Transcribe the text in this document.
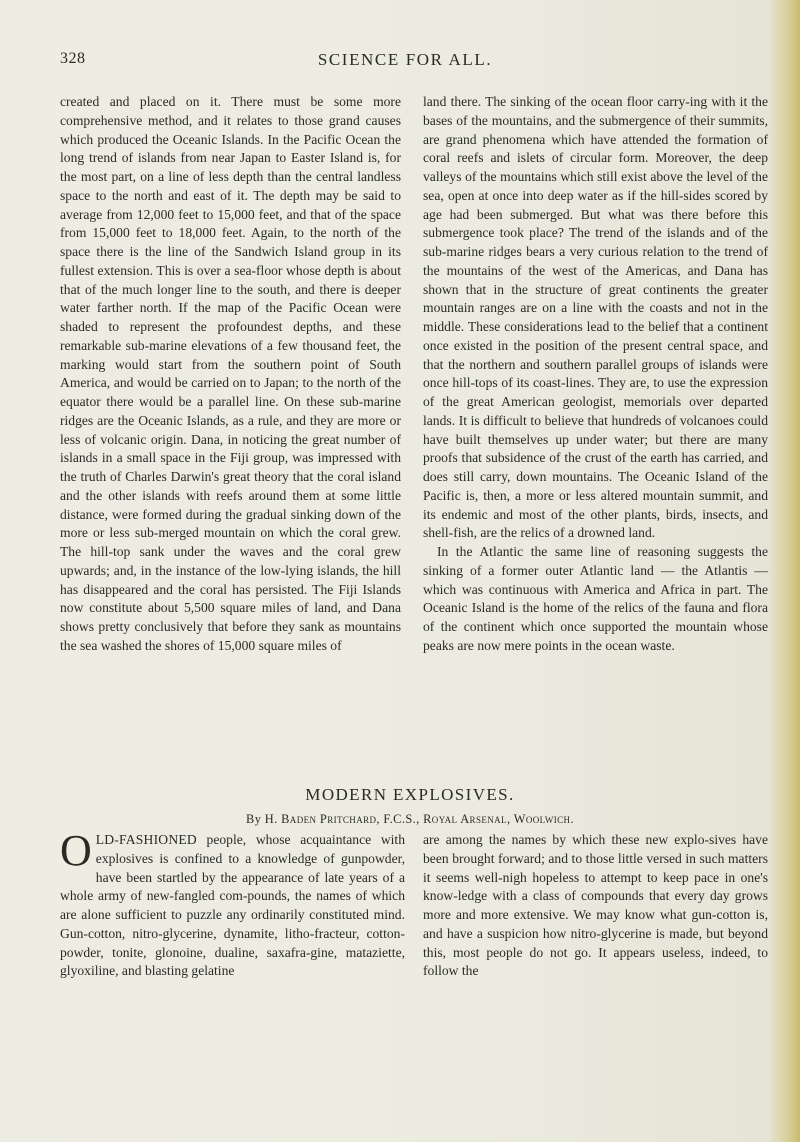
328	SCIENCE FOR ALL.

created and placed on it. There must be some more comprehensive method, and it relates to those grand causes which produced the Oceanic Islands. In the Pacific Ocean the long trend of islands from near Japan to Easter Island is, for the most part, on a line of less depth than the central landless space to the north and east of it. The depth may be said to average from 12,000 feet to 15,000 feet, and that of the space from 15,000 feet to 18,000 feet. Again, to the north of the space there is the line of the Sandwich Island group in its fullest extension. This is over a sea-floor whose depth is about that of the much longer line to the south, and there is deeper water farther north. If the map of the Pacific Ocean were shaded to represent the profoundest depths, and these remarkable sub-marine elevations of a few thousand feet, the marking would start from the southern point of South America, and would be carried on to Japan; to the north of the equator there would be a parallel line. On these sub-marine ridges are the Oceanic Islands, as a rule, and they are more or less of volcanic origin. Dana, in noticing the great number of islands in a small space in the Fiji group, was impressed with the truth of Charles Darwin's great theory that the coral island and the other islands with reefs around them at some little distance, were formed during the gradual sinking down of the more or less sub-merged mountain on which the coral grew. The hill-top sank under the waves and the coral grew upwards; and, in the instance of the low-lying islands, the hill has disappeared and the coral has persisted. The Fiji Islands now constitute about 5,500 square miles of land, and Dana shows pretty conclusively that before they sank as mountains the sea washed the shores of 15,000 square miles of

land there. The sinking of the ocean floor carry-ing with it the bases of the mountains, and the submergence of their summits, are grand phenomena which have attended the formation of coral reefs and islets of circular form. Moreover, the deep valleys of the mountains which still exist above the level of the sea, open at once into deep water as if the hill-sides scored by age had been submerged. But what was there before this submergence took place? The trend of the islands and of the sub-marine ridges bears a very curious relation to the trend of the mountains of the west of the Americas, and Dana has shown that in the structure of great continents the greater mountain ranges are on a line with the coasts and not in the middle. These considerations lead to the belief that a continent once existed in the position of the present central space, and that the northern and southern parallel groups of islands were once hill-tops of its coast-lines. They are, to use the expression of the great American geologist, memorials over departed lands. It is difficult to believe that hundreds of volcanoes could have built themselves up under water; but there are many proofs that subsidence of the crust of the earth has carried, and does still carry, down mountains. The Oceanic Island of the Pacific is, then, a more or less altered mountain summit, and its endemic and most of the other plants, birds, insects, and shell-fish, are the relics of a drowned land.

In the Atlantic the same line of reasoning suggests the sinking of a former outer Atlantic land — the Atlantis — which was continuous with America and Africa in part. The Oceanic Island is the home of the relics of the fauna and flora of the continent which once supported the mountain whose peaks are now mere points in the ocean waste.

MODERN EXPLOSIVES.
By H. Baden Pritchard, F.C.S., Royal Arsenal, Woolwich.

OLD-FASHIONED people, whose acquaintance with explosives is confined to a knowledge of gunpowder, have been startled by the appearance of late years of a whole army of new-fangled com-pounds, the names of which are alone sufficient to puzzle any ordinarily constituted mind. Gun-cotton, nitro-glycerine, dynamite, litho-fracteur, cotton-powder, tonite, glonoine, dualine, saxafra-gine, mataziette, glyoxiline, and blasting gelatine

are among the names by which these new explo-sives have been brought forward; and to those little versed in such matters it seems well-nigh hopeless to attempt to keep pace in one's know-ledge with a class of compounds that every day grows more and more extensive. We may know what gun-cotton is, and have a suspicion how nitro-glycerine is made, but beyond this, most people do not go. It appears useless, indeed, to follow the
